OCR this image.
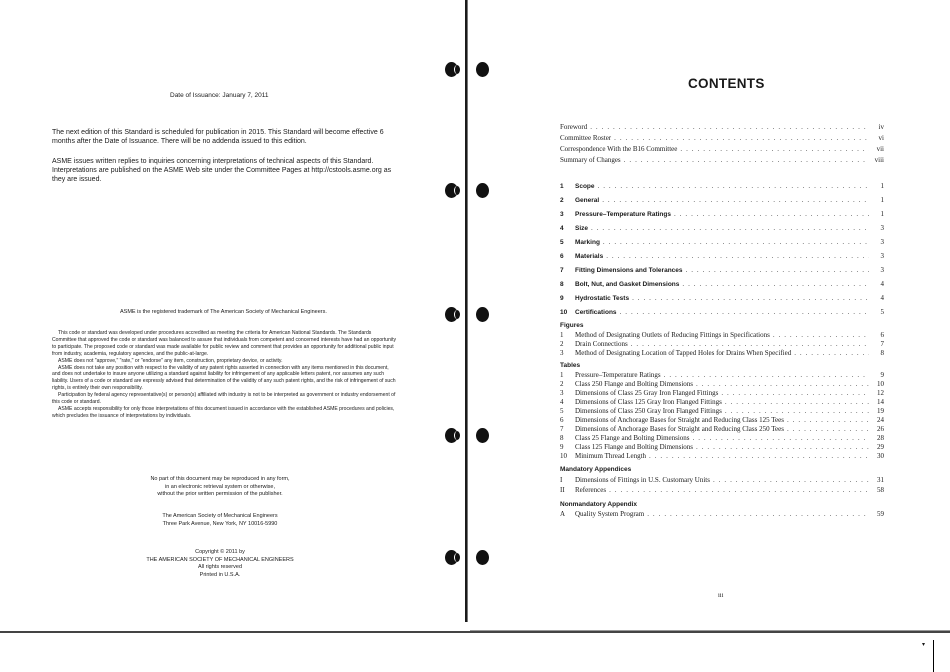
Date of Issuance: January 7, 2011
The next edition of this Standard is scheduled for publication in 2015. This Standard will become effective 6 months after the Date of Issuance. There will be no addenda issued to this edition.
ASME issues written replies to inquiries concerning interpretations of technical aspects of this Standard. Interpretations are published on the ASME Web site under the Committee Pages at http://cstools.asme.org as they are issued.
ASME is the registered trademark of The American Society of Mechanical Engineers.

This code or standard was developed under procedures accredited as meeting the criteria for American National Standards. The Standards Committee that approved the code or standard was balanced to assure that individuals from competent and concerned interests have had an opportunity to participate. The proposed code or standard was made available for public review and comment that provides an opportunity for additional public input from industry, academia, regulatory agencies, and the public-at-large.

ASME does not "approve," "rate," or "endorse" any item, construction, proprietary device, or activity.

ASME does not take any position with respect to the validity of any patent rights asserted in connection with any items mentioned in this document, and does not undertake to insure anyone utilizing a standard against liability for infringement of any applicable letters patent, nor assumes any such liability. Users of a code or standard are expressly advised that determination of the validity of any such patent rights, and the risk of infringement of such rights, is entirely their own responsibility.

Participation by federal agency representative(s) or person(s) affiliated with industry is not to be interpreted as government or industry endorsement of this code or standard.

ASME accepts responsibility for only those interpretations of this document issued in accordance with the established ASME procedures and policies, which precludes the issuance of interpretations by individuals.

No part of this document may be reproduced in any form,
in an electronic retrieval system or otherwise,
without the prior written permission of the publisher.
The American Society of Mechanical Engineers
Three Park Avenue, New York, NY 10016-5990
Copyright © 2011 by
THE AMERICAN SOCIETY OF MECHANICAL ENGINEERS
All rights reserved
Printed in U.S.A.
▾
CONTENTS
Foreword . . .	iv
Committee Roster . . .	vi
Correspondence With the B16 Committee . . .	vii
Summary of Changes . . .	viii
1	Scope . . .	1
2	General . . .	1
3	Pressure–Temperature Ratings . . .	1
4	Size . . .	3
5	Marking . . .	3
6	Materials . . .	3
7	Fitting Dimensions and Tolerances . . .	3
8	Bolt, Nut, and Gasket Dimensions . . .	4
9	Hydrostatic Tests . . .	4
10	Certifications . . .	5
Figures
1	Method of Designating Outlets of Reducing Fittings in Specifications . . .	6
2	Drain Connections . . .	7
3	Method of Designating Location of Tapped Holes for Drains When Specified . . .	8
Tables
1	Pressure–Temperature Ratings . . .	9
2	Class 250 Flange and Bolting Dimensions . . .	10
3	Dimensions of Class 25 Gray Iron Flanged Fittings . . .	12
4	Dimensions of Class 125 Gray Iron Flanged Fittings . . .	14
5	Dimensions of Class 250 Gray Iron Flanged Fittings . . .	19
6	Dimensions of Anchorage Bases for Straight and Reducing Class 125 Tees . . .	24
7	Dimensions of Anchorage Bases for Straight and Reducing Class 250 Tees . . .	26
8	Class 25 Flange and Bolting Dimensions . . .	28
9	Class 125 Flange and Bolting Dimensions . . .	29
10	Minimum Thread Length . . .	30
Mandatory Appendices
I	Dimensions of Fittings in U.S. Customary Units . . .	31
II	References . . .	58
Nonmandatory Appendix
A	Quality System Program . . .	59
iii
